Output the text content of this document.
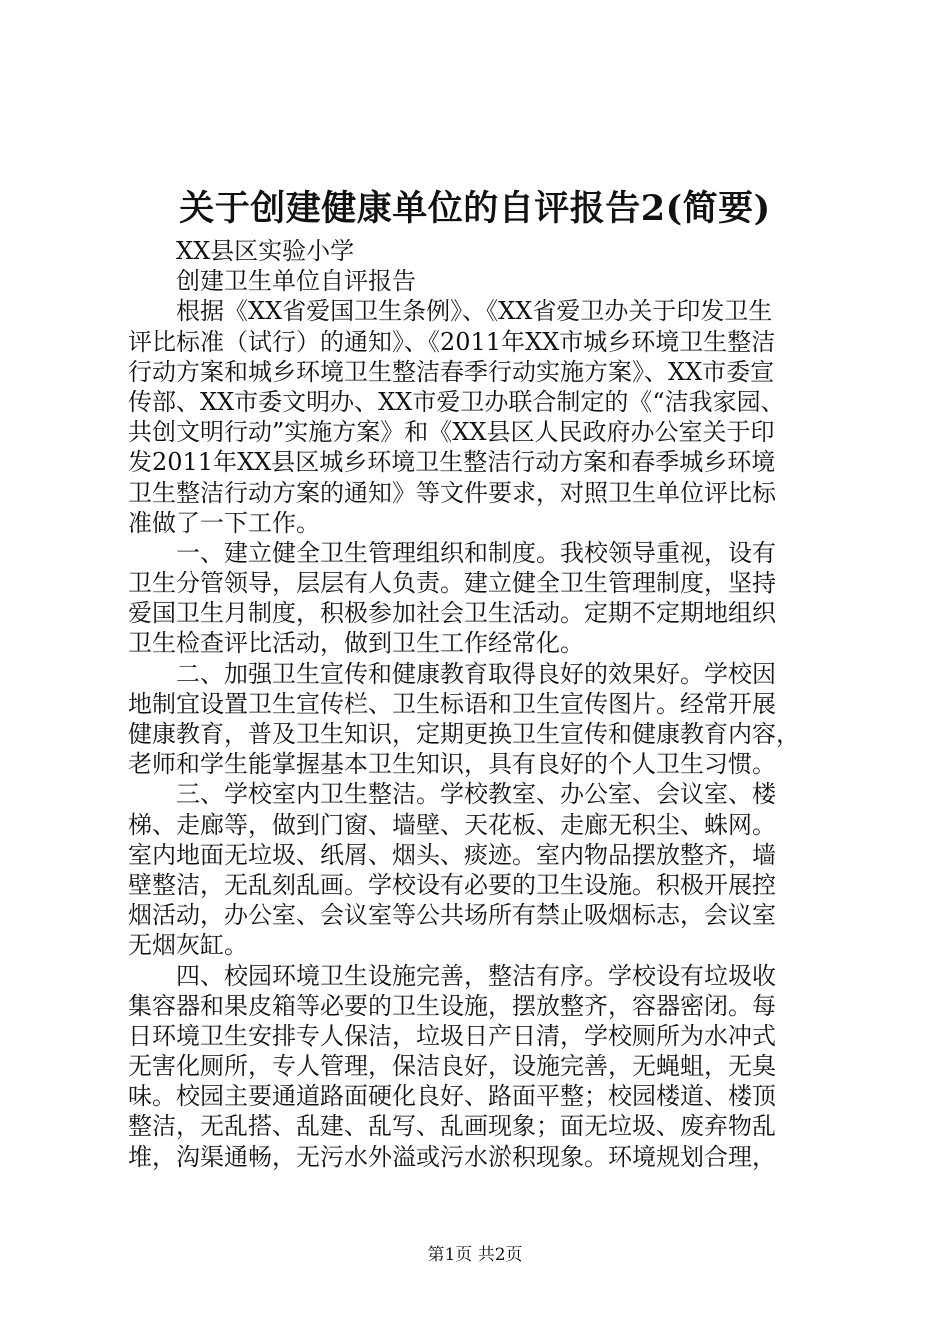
关于创建健康单位的自评报告2(简要)

XX县区实验小学

创建卫生单位自评报告

根据《XX省爱国卫生条例》、《XX省爱卫办关于印发卫生

评比标准（试行）的通知》、《2011年XX市城乡环境卫生整洁

行动方案和城乡环境卫生整洁春季行动实施方案》、XX市委宣

传部、XX市委文明办、XX市爱卫办联合制定的《“洁我家园、

共创文明行动”实施方案》和《XX县区人民政府办公室关于印

发2011年XX县区城乡环境卫生整洁行动方案和春季城乡环境

卫生整洁行动方案的通知》等文件要求，对照卫生单位评比标

准做了一下工作。

一、建立健全卫生管理组织和制度。我校领导重视，设有

卫生分管领导，层层有人负责。建立健全卫生管理制度，坚持

爱国卫生月制度，积极参加社会卫生活动。定期不定期地组织

卫生检查评比活动，做到卫生工作经常化。

二、加强卫生宣传和健康教育取得良好的效果好。学校因

地制宜设置卫生宣传栏、卫生标语和卫生宣传图片。经常开展

健康教育，普及卫生知识，定期更换卫生宣传和健康教育内容，

老师和学生能掌握基本卫生知识，具有良好的个人卫生习惯。

三、学校室内卫生整洁。学校教室、办公室、会议室、楼

梯、走廊等，做到门窗、墙壁、天花板、走廊无积尘、蛛网。

室内地面无垃圾、纸屑、烟头、痰迹。室内物品摆放整齐，墙

壁整洁，无乱刻乱画。学校设有必要的卫生设施。积极开展控

烟活动，办公室、会议室等公共场所有禁止吸烟标志，会议室

无烟灰缸。

四、校园环境卫生设施完善，整洁有序。学校设有垃圾收

集容器和果皮箱等必要的卫生设施，摆放整齐，容器密闭。每

日环境卫生安排专人保洁，垃圾日产日清，学校厕所为水冲式

无害化厕所，专人管理，保洁良好，设施完善，无蝇蛆，无臭

味。校园主要通道路面硬化良好、路面平整；校园楼道、楼顶

整洁，无乱搭、乱建、乱写、乱画现象；面无垃圾、废弃物乱

堆，沟渠通畅，无污水外溢或污水淤积现象。环境规划合理，

第1页 共2页
